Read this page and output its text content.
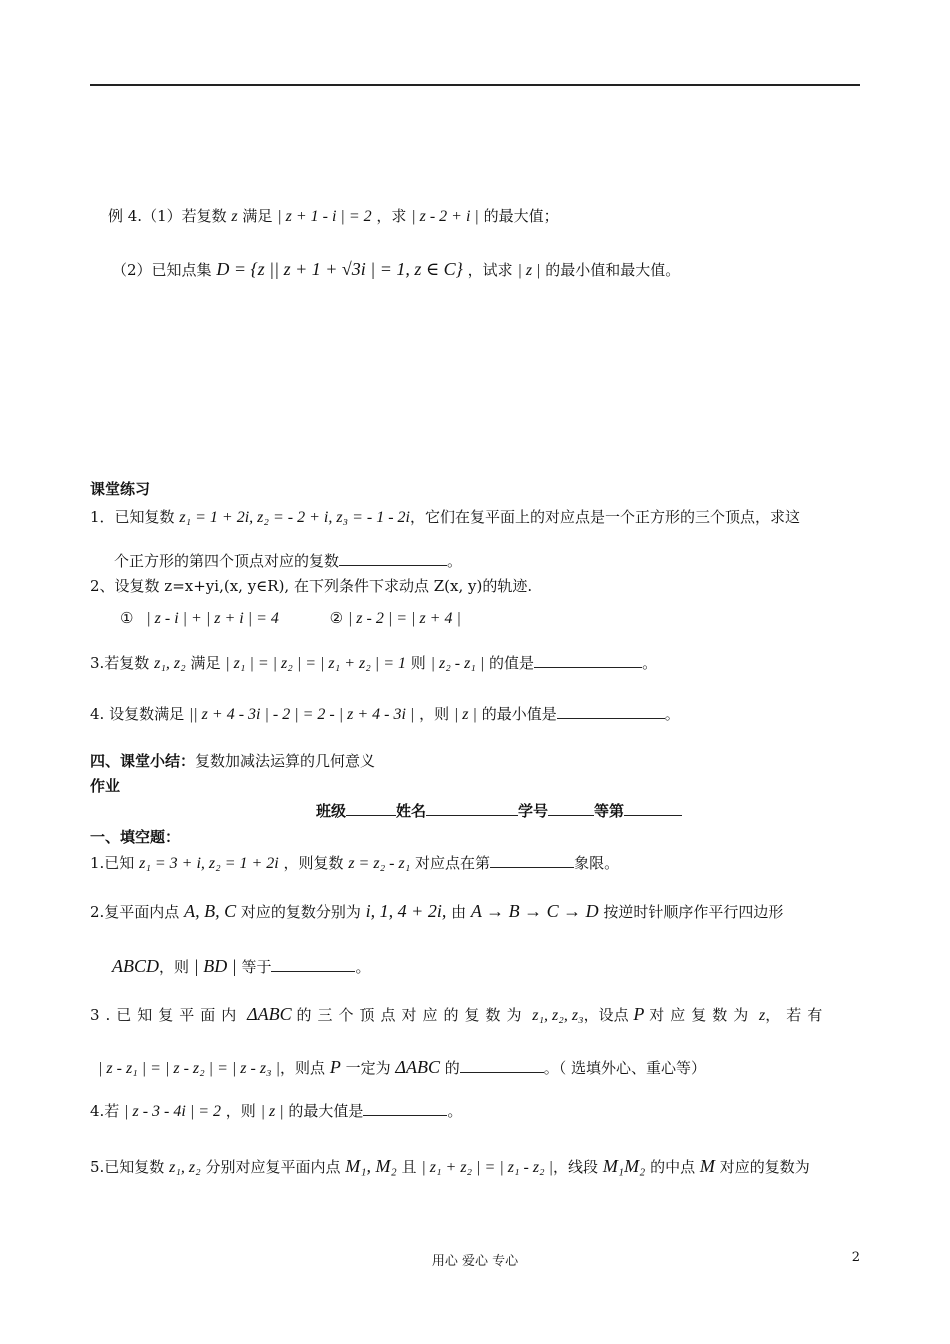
例 4.（1）若复数 z 满足 | z + 1 - i | = 2 ，求 | z - 2 + i | 的最大值；
（2）已知点集 D = {z || z + 1 + √3i | = 1, z ∈ C} ，试求 | z | 的最小值和最大值。
课堂练习
1．已知复数 z₁ = 1 + 2i, z₂ = - 2 + i, z₃ = - 1 - 2i，它们在复平面上的对应点是一个正方形的三个顶点，求这
个正方形的第四个顶点对应的复数	。
2、设复数 z=x+yi,(x, y∈R), 在下列条件下求动点 Z(x, y)的轨迹.
① | z - i | + | z + i | = 4	② | z - 2 | = | z + 4 |
3.若复数 z₁, z₂ 满足 | z₁ | = | z₂ | = | z₁ + z₂ | = 1 则 | z₂ - z₁ | 的值是	。
4. 设复数满足 || z + 4 - 3i | - 2 | = 2 - | z + 4 - 3i | ，则 | z | 的最小值是	。
四、课堂小结：复数加减法运算的几何意义
作业
班级	姓名	学号	等第
一、填空题：
1.已知 z₁ = 3 + i, z₂ = 1 + 2i ，则复数 z = z₂ - z₁ 对应点在第	象限。
2.复平面内点 A, B, C 对应的复数分别为 i, 1, 4 + 2i, 由 A → B → C → D 按逆时针顺序作平行四边形
ABCD，则 | BD | 等于	。
3.已知复平面内 ΔABC 的三个顶点对应的复数为 z₁, z₂, z₃，设点 P 对应复数为 z，若有
| z - z₁ | = | z - z₂ | = | z - z₃ |，则点 P 一定为 ΔABC 的	。（ 选填外心、重心等）
4.若 | z - 3 - 4i | = 2 ，则 | z | 的最大值是	。
5.已知复数 z₁, z₂ 分别对应复平面内点 M₁, M₂ 且 | z₁ + z₂ | = | z₁ - z₂ |，线段 M₁M₂ 的中点 M 对应的复数为
用心 爱心 专心	2
